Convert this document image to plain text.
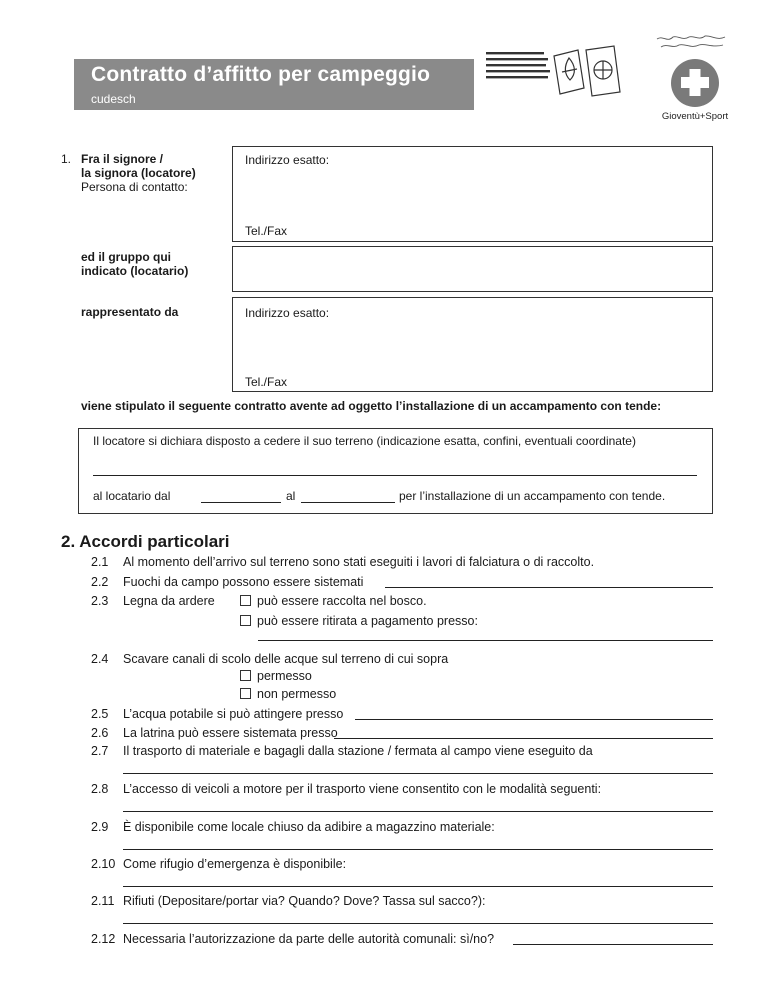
Contratto d’affitto per campeggio
cudesch
Gioventù+Sport
1. Fra il signore /
la signora (locatore)
Persona di contatto:
Indirizzo esatto:
Tel./Fax
ed il gruppo qui
indicato (locatario)
rappresentato da	Indirizzo esatto:
Tel./Fax
viene stipulato il seguente contratto avente ad oggetto l’installazione di un accampamento con tende:
Il locatore si dichiara disposto a cedere il suo terreno (indicazione esatta, confini, eventuali coordinate)
al locatario dal	al	per l’installazione di un accampamento con tende.
2. Accordi particolari
2.1 Al momento dell’arrivo sul terreno sono stati eseguiti i lavori di falciatura o di raccolto.
2.2 Fuochi da campo possono essere sistemati
2.3 Legna da ardere	può essere raccolta nel bosco.
può essere ritirata a pagamento presso:
2.4 Scavare canali di scolo delle acque sul terreno di cui sopra
permesso
non permesso
2.5 L’acqua potabile si può attingere presso
2.6 La latrina può essere sistemata presso
2.7 Il trasporto di materiale e bagagli dalla stazione / fermata al campo viene eseguito da
2.8 L’accesso di veicoli a motore per il trasporto viene consentito con le modalità seguenti:
2.9 È disponibile come locale chiuso da adibire a magazzino materiale:
2.10 Come rifugio d’emergenza è disponibile:
2.11 Rifiuti (Depositare/portar via? Quando? Dove? Tassa sul sacco?):
2.12 Necessaria l’autorizzazione da parte delle autorità comunali: sì/no?
